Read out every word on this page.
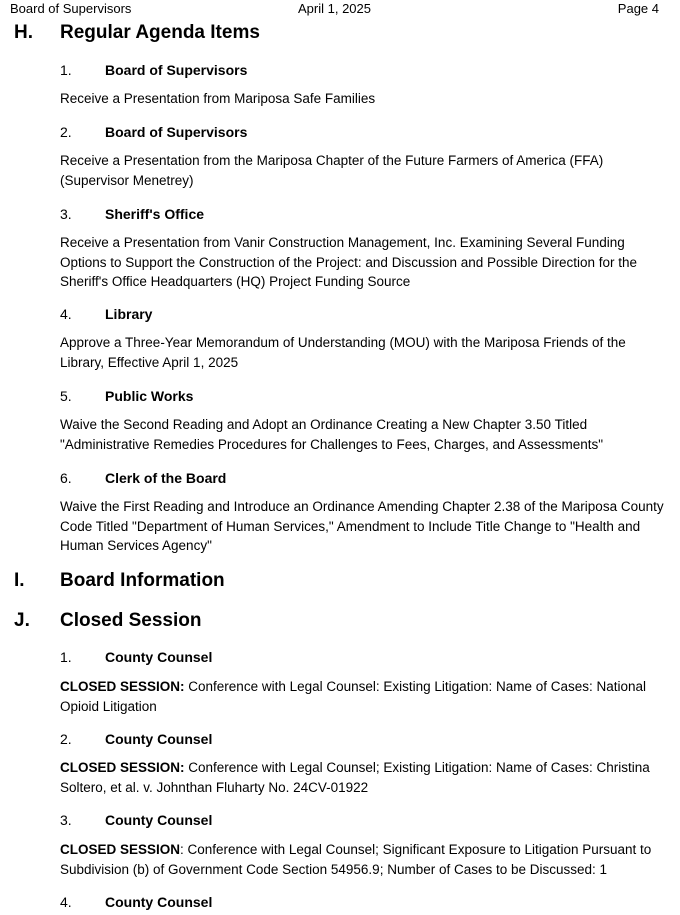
Board of Supervisors	April 1, 2025	Page 4
H. Regular Agenda Items
1. Board of Supervisors
Receive a Presentation from Mariposa Safe Families
2. Board of Supervisors
Receive a Presentation from the Mariposa Chapter of the Future Farmers of America (FFA) (Supervisor Menetrey)
3. Sheriff's Office
Receive a Presentation from Vanir Construction Management, Inc. Examining Several Funding Options to Support the Construction of the Project: and Discussion and Possible Direction for the Sheriff's Office Headquarters (HQ) Project Funding Source
4. Library
Approve a Three-Year Memorandum of Understanding (MOU) with the Mariposa Friends of the Library, Effective April 1, 2025
5. Public Works
Waive the Second Reading and Adopt an Ordinance Creating a New Chapter 3.50 Titled "Administrative Remedies Procedures for Challenges to Fees, Charges, and Assessments"
6. Clerk of the Board
Waive the First Reading and Introduce an Ordinance Amending Chapter 2.38 of the Mariposa County Code Titled "Department of Human Services," Amendment to Include Title Change to "Health and Human Services Agency"
I. Board Information
J. Closed Session
1. County Counsel
CLOSED SESSION: Conference with Legal Counsel: Existing Litigation: Name of Cases: National Opioid Litigation
2. County Counsel
CLOSED SESSION: Conference with Legal Counsel; Existing Litigation: Name of Cases: Christina Soltero, et al. v. Johnthan Fluharty No. 24CV-01922
3. County Counsel
CLOSED SESSION: Conference with Legal Counsel; Significant Exposure to Litigation Pursuant to Subdivision (b) of Government Code Section 54956.9; Number of Cases to be Discussed: 1
4. County Counsel
